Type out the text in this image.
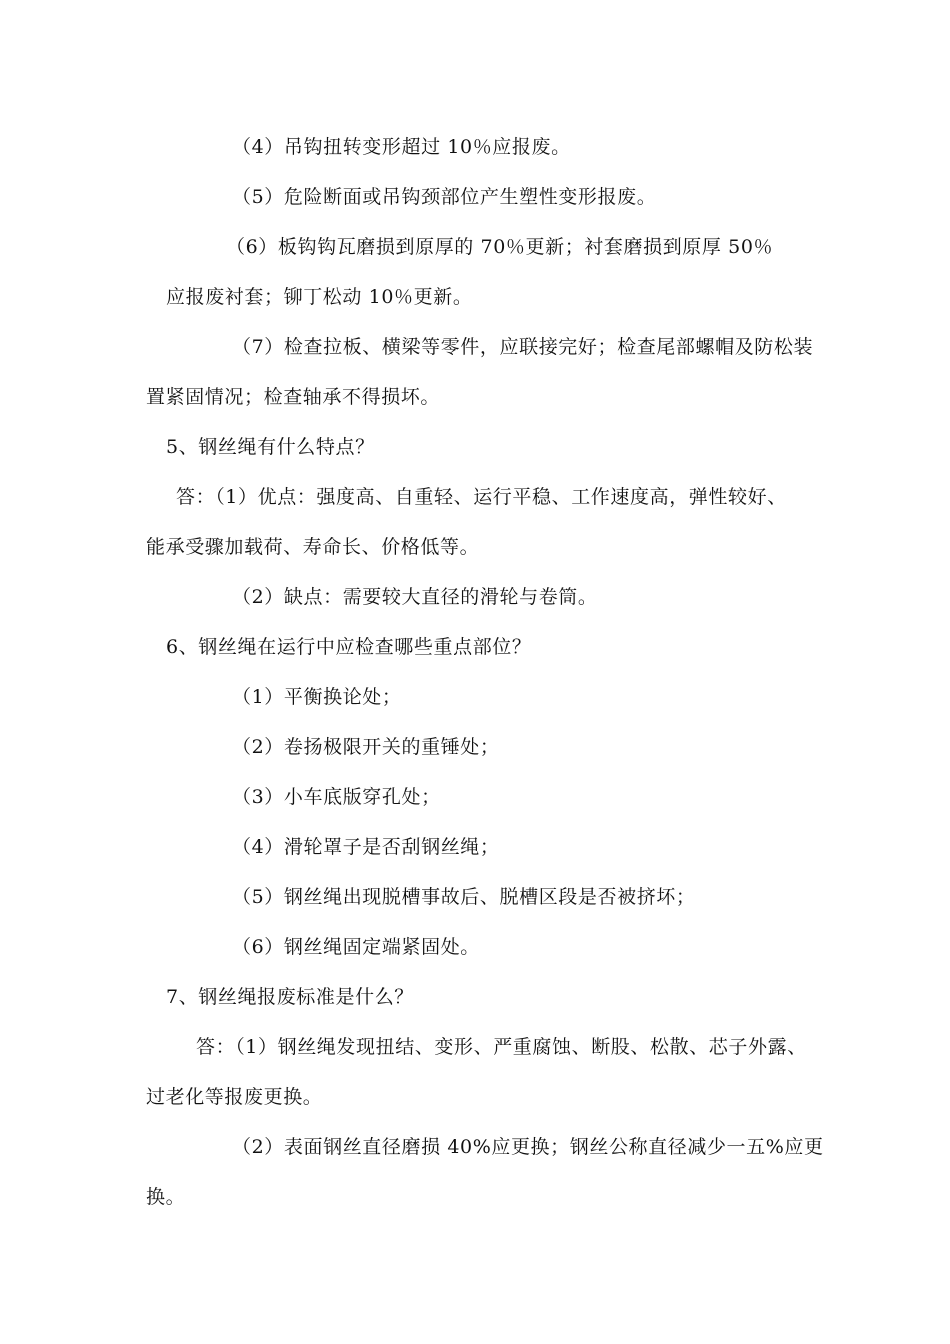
（4）吊钩扭转变形超过 10％应报废。
（5）危险断面或吊钩颈部位产生塑性变形报废。
（6）板钩钩瓦磨损到原厚的 70％更新；衬套磨损到原厚 50％
应报废衬套；铆丁松动 10％更新。
（7）检查拉板、横梁等零件，应联接完好；检查尾部螺帽及防松装
置紧固情况；检查轴承不得损坏。
5、钢丝绳有什么特点？
答：（1）优点：强度高、自重轻、运行平稳、工作速度高，弹性较好、
能承受骤加载荷、寿命长、价格低等。
（2）缺点：需要较大直径的滑轮与卷筒。
6、钢丝绳在运行中应检查哪些重点部位？
（1）平衡换论处；
（2）卷扬极限开关的重锤处；
（3）小车底版穿孔处；
（4）滑轮罩子是否刮钢丝绳；
（5）钢丝绳出现脱槽事故后、脱槽区段是否被挤坏；
（6）钢丝绳固定端紧固处。
7、钢丝绳报废标准是什么？
答：（1）钢丝绳发现扭结、变形、严重腐蚀、断股、松散、芯子外露、
过老化等报废更换。
（2）表面钢丝直径磨损 40%应更换；钢丝公称直径减少一五%应更
换。
